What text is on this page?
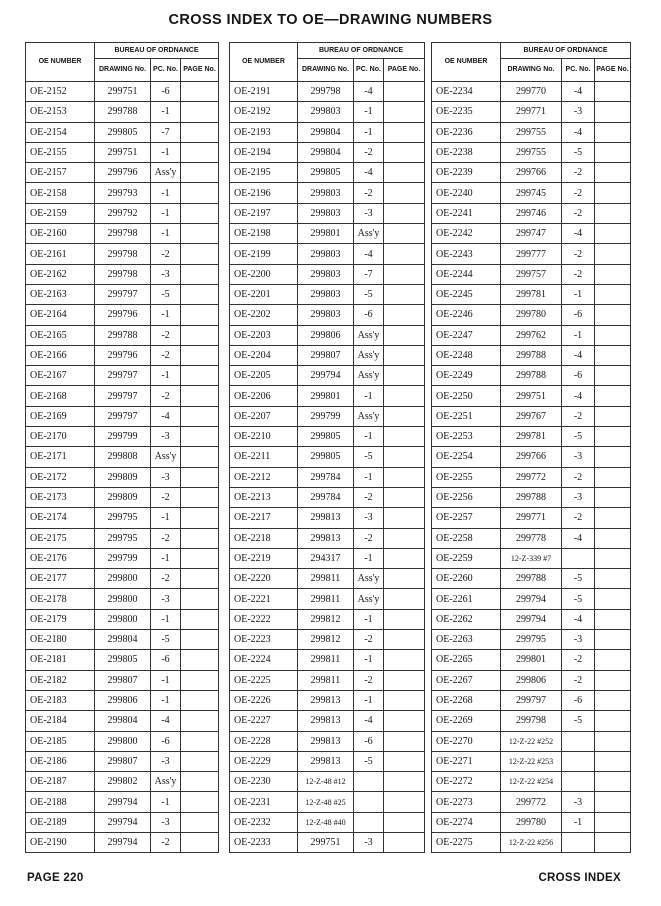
CROSS INDEX TO OE—DRAWING NUMBERS
OE NUMBER	BUREAU OF ORDNANCE		
	DRAWING No.	PC. No.	PAGE No.
OE-2152	299751	-6	
OE-2153	299788	-1	
OE-2154	299805	-7	
OE-2155	299751	-1	
OE-2157	299796	Ass'y	
OE-2158	299793	-1	
OE-2159	299792	-1	
OE-2160	299798	-1	
OE-2161	299798	-2	
OE-2162	299798	-3	
OE-2163	299797	-5	
OE-2164	299796	-1	
OE-2165	299788	-2	
OE-2166	299796	-2	
OE-2167	299797	-1	
OE-2168	299797	-2	
OE-2169	299797	-4	
OE-2170	299799	-3	
OE-2171	299808	Ass'y	
OE-2172	299809	-3	
OE-2173	299809	-2	
OE-2174	299795	-1	
OE-2175	299795	-2	
OE-2176	299799	-1	
OE-2177	299800	-2	
OE-2178	299800	-3	
OE-2179	299800	-1	
OE-2180	299804	-5	
OE-2181	299805	-6	
OE-2182	299807	-1	
OE-2183	299806	-1	
OE-2184	299804	-4	
OE-2185	299800	-6	
OE-2186	299807	-3	
OE-2187	299802	Ass'y	
OE-2188	299794	-1	
OE-2189	299794	-3	
OE-2190	299794	-2	
OE NUMBER	BUREAU OF ORDNANCE		
	DRAWING No.	PC. No.	PAGE No.
OE-2191	299798	-4	
OE-2192	299803	-1	
OE-2193	299804	-1	
OE-2194	299804	-2	
OE-2195	299805	-4	
OE-2196	299803	-2	
OE-2197	299803	-3	
OE-2198	299801	Ass'y	
OE-2199	299803	-4	
OE-2200	299803	-7	
OE-2201	299803	-5	
OE-2202	299803	-6	
OE-2203	299806	Ass'y	
OE-2204	299807	Ass'y	
OE-2205	299794	Ass'y	
OE-2206	299801	-1	
OE-2207	299799	Ass'y	
OE-2210	299805	-1	
OE-2211	299805	-5	
OE-2212	299784	-1	
OE-2213	299784	-2	
OE-2217	299813	-3	
OE-2218	299813	-2	
OE-2219	294317	-1	
OE-2220	299811	Ass'y	
OE-2221	299811	Ass'y	
OE-2222	299812	-1	
OE-2223	299812	-2	
OE-2224	299811	-1	
OE-2225	299811	-2	
OE-2226	299813	-1	
OE-2227	299813	-4	
OE-2228	299813	-6	
OE-2229	299813	-5	
OE-2230	12-Z-48 #12		
OE-2231	12-Z-48 #25		
OE-2232	12-Z-48 #40		
OE-2233	299751	-3	
OE NUMBER	BUREAU OF ORDNANCE		
	DRAWING No.	PC. No.	PAGE No.
OE-2234	299770	-4	
OE-2235	299771	-3	
OE-2236	299755	-4	
OE-2238	299755	-5	
OE-2239	299766	-2	
OE-2240	299745	-2	
OE-2241	299746	-2	
OE-2242	299747	-4	
OE-2243	299777	-2	
OE-2244	299757	-2	
OE-2245	299781	-1	
OE-2246	299780	-6	
OE-2247	299762	-1	
OE-2248	299788	-4	
OE-2249	299788	-6	
OE-2250	299751	-4	
OE-2251	299767	-2	
OE-2253	299781	-5	
OE-2254	299766	-3	
OE-2255	299772	-2	
OE-2256	299788	-3	
OE-2257	299771	-2	
OE-2258	299778	-4	
OE-2259	12-Z-339 #7		
OE-2260	299788	-5	
OE-2261	299794	-5	
OE-2262	299794	-4	
OE-2263	299795	-3	
OE-2265	299801	-2	
OE-2267	299806	-2	
OE-2268	299797	-6	
OE-2269	299798	-5	
OE-2270	12-Z-22 #252		
OE-2271	12-Z-22 #253		
OE-2272	12-Z-22 #254		
OE-2273	299772	-3	
OE-2274	299780	-1	
OE-2275	12-Z-22 #256		
PAGE 220	CROSS INDEX
